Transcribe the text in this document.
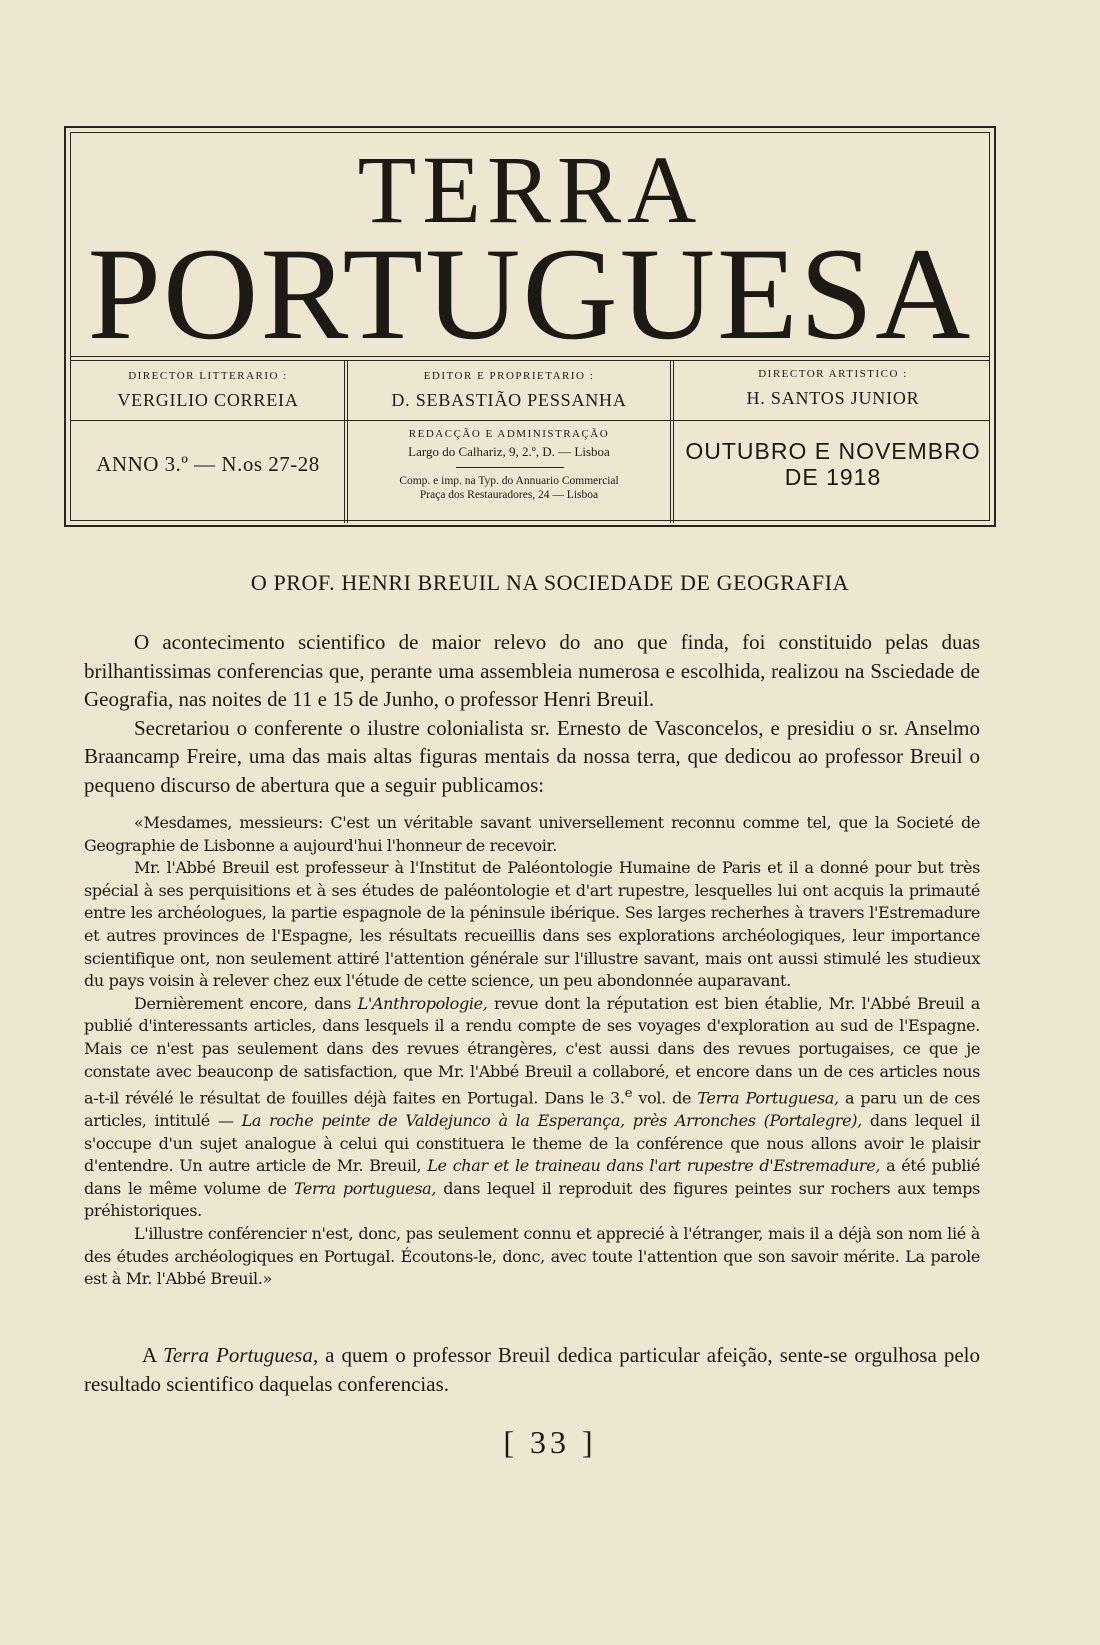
TERRA
PORTUGUESA
DIRECTOR LITTERARIO :
VERGILIO CORREIA
EDITOR E PROPRIETARIO :
D. SEBASTIÃO PESSANHA
DIRECTOR ARTISTICO :
H. SANTOS JUNIOR
ANNO 3.º — N.os 27-28
REDACÇÃO E ADMINISTRAÇÃO
Largo do Calhariz, 9, 2.º, D. — Lisboa
Comp. e imp. na Typ. do Annuario Commercial
Praça dos Restauradores, 24 — Lisboa
OUTUBRO E NOVEMBRO
DE 1918
O PROF. HENRI BREUIL NA SOCIEDADE DE GEOGRAFIA

O acontecimento scientifico de maior relevo do ano que finda, foi constituido pelas duas brilhantissimas conferencias que, perante uma assembleia numerosa e escolhida, realizou na Ssciedade de Geografia, nas noites de 11 e 15 de Junho, o professor Henri Breuil.

Secretariou o conferente o ilustre colonialista sr. Ernesto de Vasconcelos, e presidiu o sr. Anselmo Braancamp Freire, uma das mais altas figuras mentais da nossa terra, que dedicou ao professor Breuil o pequeno discurso de abertura que a seguir publicamos:

«Mesdames, messieurs: C'est un véritable savant universellement reconnu comme tel, que la Societé de Geographie de Lisbonne a aujourd'hui l'honneur de recevoir.

Mr. l'Abbé Breuil est professeur à l'Institut de Paléontologie Humaine de Paris et il a donné pour but très spécial à ses perquisitions et à ses études de paléontologie et d'art rupestre, lesquelles lui ont acquis la primauté entre les archéologues, la partie espagnole de la péninsule ibérique. Ses larges recherhes à travers l'Estremadure et autres provinces de l'Espagne, les résultats recueillis dans ses explorations archéologiques, leur importance scientifique ont, non seulement attiré l'attention générale sur l'illustre savant, mais ont aussi stimulé les studieux du pays voisin à relever chez eux l'étude de cette science, un peu abondonnée auparavant.

Dernièrement encore, dans L'Anthropologie, revue dont la réputation est bien établie, Mr. l'Abbé Breuil a publié d'interessants articles, dans lesquels il a rendu compte de ses voyages d'exploration au sud de l'Espagne. Mais ce n'est pas seulement dans des revues étrangères, c'est aussi dans des revues portugaises, ce que je constate avec beauconp de satisfaction, que Mr. l'Abbé Breuil a collaboré, et encore dans un de ces articles nous a-t-il révélé le résultat de fouilles déjà faites en Portugal. Dans le 3.$^e$ vol. de Terra Portuguesa, a paru un de ces articles, intitulé — La roche peinte de Valdejunco à la Esperança, près Arronches (Portalegre), dans lequel il s'occupe d'un sujet analogue à celui qui constituera le theme de la conférence que nous allons avoir le plaisir d'entendre. Un autre article de Mr. Breuil, Le char et le traineau dans l'art rupestre d'Estremadure, a été publié dans le même volume de Terra portuguesa, dans lequel il reproduit des figures peintes sur rochers aux temps préhistoriques.

L'illustre conférencier n'est, donc, pas seulement connu et apprecié à l'étranger, mais il a déjà son nom lié à des études archéologiques en Portugal. Écoutons-le, donc, avec toute l'attention que son savoir mérite. La parole est à Mr. l'Abbé Breuil.»

A Terra Portuguesa, a quem o professor Breuil dedica particular afeição, sente-se orgulhosa pelo resultado scientifico daquelas conferencias.

[ 33 ]
